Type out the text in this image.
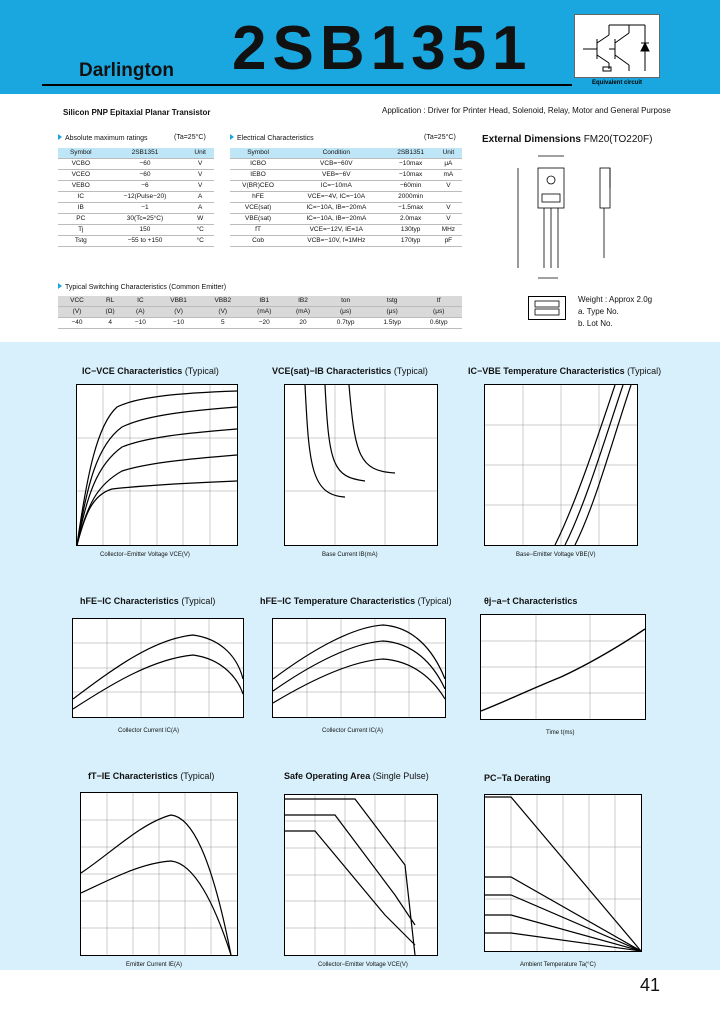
Darlington 2SB1351	Equivalent circuit
Silicon PNP Epitaxial Planar Transistor	Application : Driver for Printer Head, Solenoid, Relay, Motor and General Purpose
Absolute maximum ratings	(Ta=25°C)
Symbol	2SB1351	Unit
VCBO	−60	V
VCEO	−60	V
VEBO	−6	V
IC	−12(Pulse−20)	A
IB	−1	A
PC	30(Tc=25°C)	W
Tj	150	°C
Tstg	−55 to +150	°C
Electrical Characteristics	(Ta=25°C)
Symbol	Condition	2SB1351	Unit
ICBO	VCB=−60V	−10max	μA
IEBO	VEB=−6V	−10max	mA
V(BR)CEO	IC=−10mA	−60min	V
hFE	VCE=−4V, IC=−10A	2000min	
VCE(sat)	IC=−10A, IB=−20mA	−1.5max	V
VBE(sat)	IC=−10A, IB=−20mA	2.0max	V
fT	VCE=−12V, IE=1A	130typ	MHz
Cob	VCB=−10V, f=1MHz	170typ	pF
Typical Switching Characteristics (Common Emitter)
VCC	RL	IC	VBB1	VBB2	IB1	IB2	ton	tstg	tf
(V)	(Ω)	(A)	(V)	(V)	(mA)	(mA)	(μs)	(μs)	(μs)
−40	4	−10	−10	5	−20	20	0.7typ	1.5typ	0.6typ
External Dimensions FM20(TO220F)
Weight : Approx 2.0g
a. Type No.
b. Lot No.
IC−VCE Characteristics (Typical)
Collector−Emitter Voltage VCE(V)
VCE(sat)−IB Characteristics (Typical)
Base Current IB(mA)
IC−VBE Temperature Characteristics (Typical)
Base−Emitter Voltage VBE(V)
hFE−IC Characteristics (Typical)
Collector Current IC(A)
hFE−IC Temperature Characteristics (Typical)
Collector Current IC(A)
θj−a−t Characteristics
Time t(ms)
fT−IE Characteristics (Typical)
Emitter Current IE(A)
Safe Operating Area (Single Pulse)
Collector−Emitter Voltage VCE(V)
PC−Ta Derating
Ambient Temperature Ta(°C)
41
